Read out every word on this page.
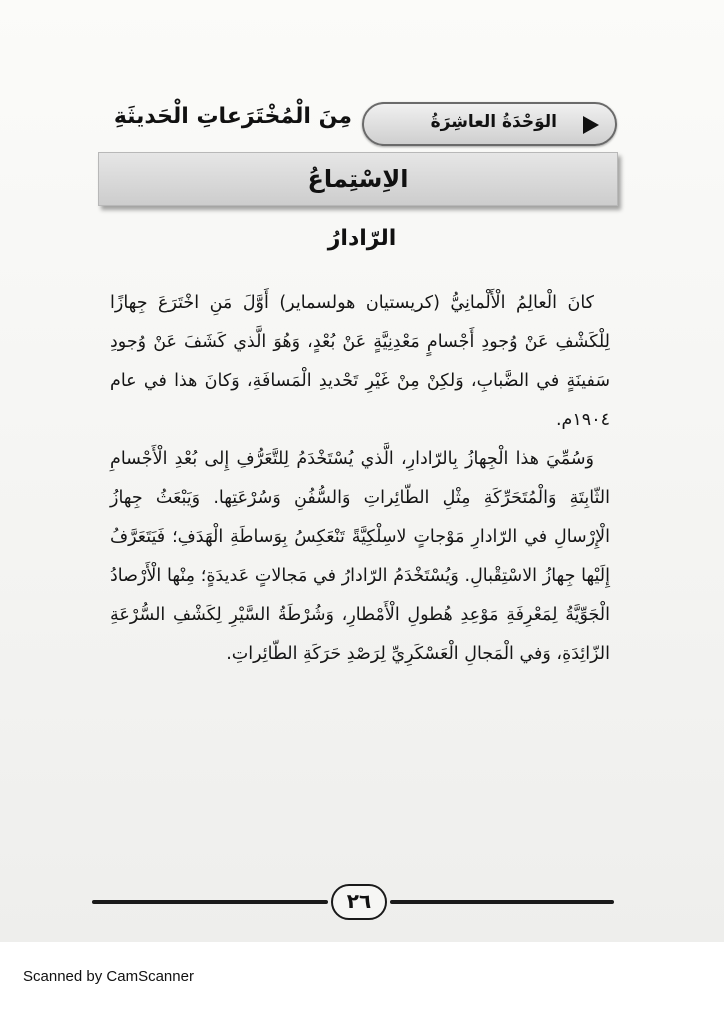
الوَحْدَةُ العاشِرَةُ
مِنَ الْمُخْتَرَعاتِ الْحَديثَةِ
الاِسْتِماعُ
الرّادارُ

كانَ الْعالِمُ الْأَلْمانِيُّ (كريستيان هولسماير) أَوَّلَ مَنِ اخْتَرَعَ جِهازًا لِلْكَشْفِ عَنْ وُجودِ أَجْسامٍ مَعْدِنِيَّةٍ عَنْ بُعْدٍ، وَهُوَ الَّذي كَشَفَ عَنْ وُجودِ سَفينَةٍ في الضَّبابِ، وَلكِنْ مِنْ غَيْرِ تَحْديدِ الْمَسافَةِ، وَكانَ هذا في عام ١٩٠٤م.

وَسُمِّيَ هذا الْجِهازُ بِالرّادارِ، الَّذي يُسْتَخْدَمُ لِلتَّعَرُّفِ إِلى بُعْدِ الْأَجْسامِ الثّابِتَةِ وَالْمُتَحَرِّكَةِ مِثْلِ الطّائِراتِ وَالسُّفُنِ وَسُرْعَتِها. وَيَبْعَثُ جِهازُ الْإِرْسالِ في الرّادارِ مَوْجاتٍ لاسِلْكِيَّةً تَنْعَكِسُ بِوَساطَةِ الْهَدَفِ؛ فَيَتَعَرَّفُ إِلَيْها جِهازُ الاسْتِقْبالِ. وَيُسْتَخْدَمُ الرّادارُ في مَجالاتٍ عَديدَةٍ؛ مِنْها الْأَرْصادُ الْجَوِّيَّةُ لِمَعْرِفَةِ مَوْعِدِ هُطولِ الْأَمْطارِ، وَشُرْطَةُ السَّيْرِ لِكَشْفِ السُّرْعَةِ الزّائِدَةِ، وَفي الْمَجالِ الْعَسْكَرِيِّ لِرَصْدِ حَرَكَةِ الطّائِراتِ.

٢٦
Scanned by CamScanner
